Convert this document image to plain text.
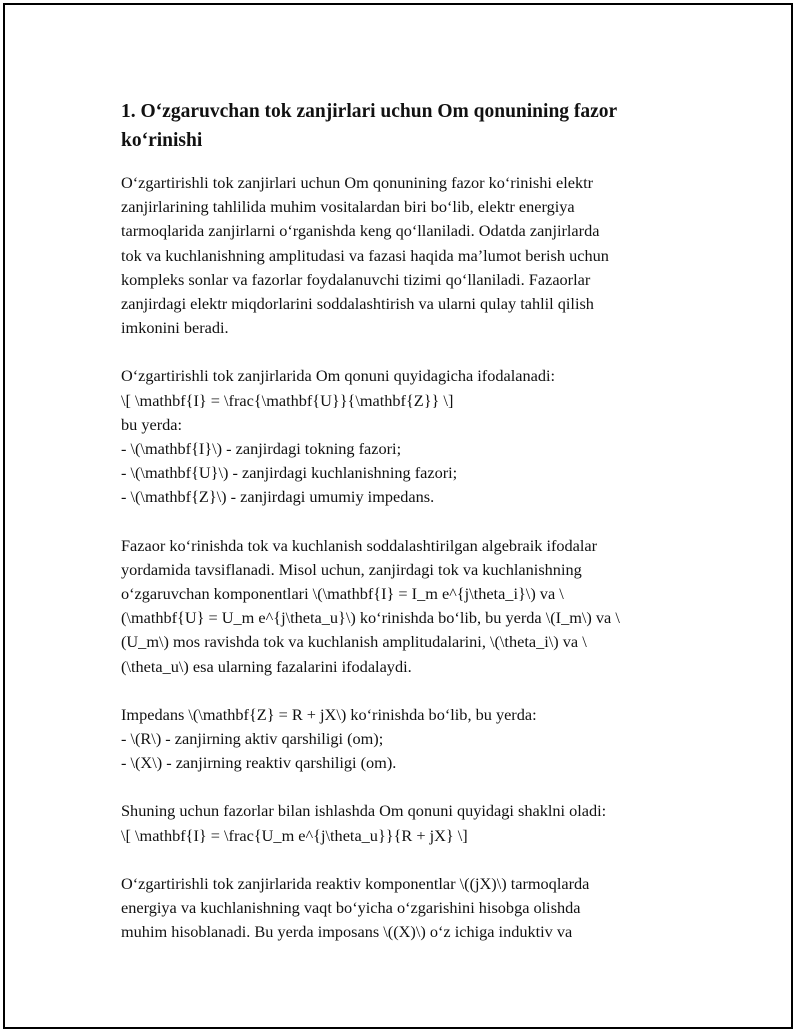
1. O‘zgaruvchan tok zanjirlari uchun Om qonunining fazor
ko‘rinishi

O‘zgartirishli tok zanjirlari uchun Om qonunining fazor ko‘rinishi elektr
zanjirlarining tahlilida muhim vositalardan biri bo‘lib, elektr energiya
tarmoqlarida zanjirlarni o‘rganishda keng qo‘llaniladi. Odatda zanjirlarda
tok va kuchlanishning amplitudasi va fazasi haqida ma’lumot berish uchun
kompleks sonlar va fazorlar foydalanuvchi tizimi qo‘llaniladi. Fazaorlar
zanjirdagi elektr miqdorlarini soddalashtirish va ularni qulay tahlil qilish
imkonini beradi.

O‘zgartirishli tok zanjirlarida Om qonuni quyidagicha ifodalanadi:
\[ \mathbf{I} = \frac{\mathbf{U}}{\mathbf{Z}} \]
bu yerda:
- \(\mathbf{I}\) - zanjirdagi tokning fazori;
- \(\mathbf{U}\) - zanjirdagi kuchlanishning fazori;
- \(\mathbf{Z}\) - zanjirdagi umumiy impedans.

Fazaor ko‘rinishda tok va kuchlanish soddalashtirilgan algebraik ifodalar
yordamida tavsiflanadi. Misol uchun, zanjirdagi tok va kuchlanishning
o‘zgaruvchan komponentlari \(\mathbf{I} = I_m e^{j\theta_i}\) va \
(\mathbf{U} = U_m e^{j\theta_u}\) ko‘rinishda bo‘lib, bu yerda \(I_m\) va \
(U_m\) mos ravishda tok va kuchlanish amplitudalarini, \(\theta_i\) va \
(\theta_u\) esa ularning fazalarini ifodalaydi.

Impedans \(\mathbf{Z} = R + jX\) ko‘rinishda bo‘lib, bu yerda:
- \(R\) - zanjirning aktiv qarshiligi (om);
- \(X\) - zanjirning reaktiv qarshiligi (om).

Shuning uchun fazorlar bilan ishlashda Om qonuni quyidagi shaklni oladi:
\[ \mathbf{I} = \frac{U_m e^{j\theta_u}}{R + jX} \]

O‘zgartirishli tok zanjirlarida reaktiv komponentlar \((jX)\) tarmoqlarda
energiya va kuchlanishning vaqt bo‘yicha o‘zgarishini hisobga olishda
muhim hisoblanadi. Bu yerda imposans \((X)\) o‘z ichiga induktiv va
